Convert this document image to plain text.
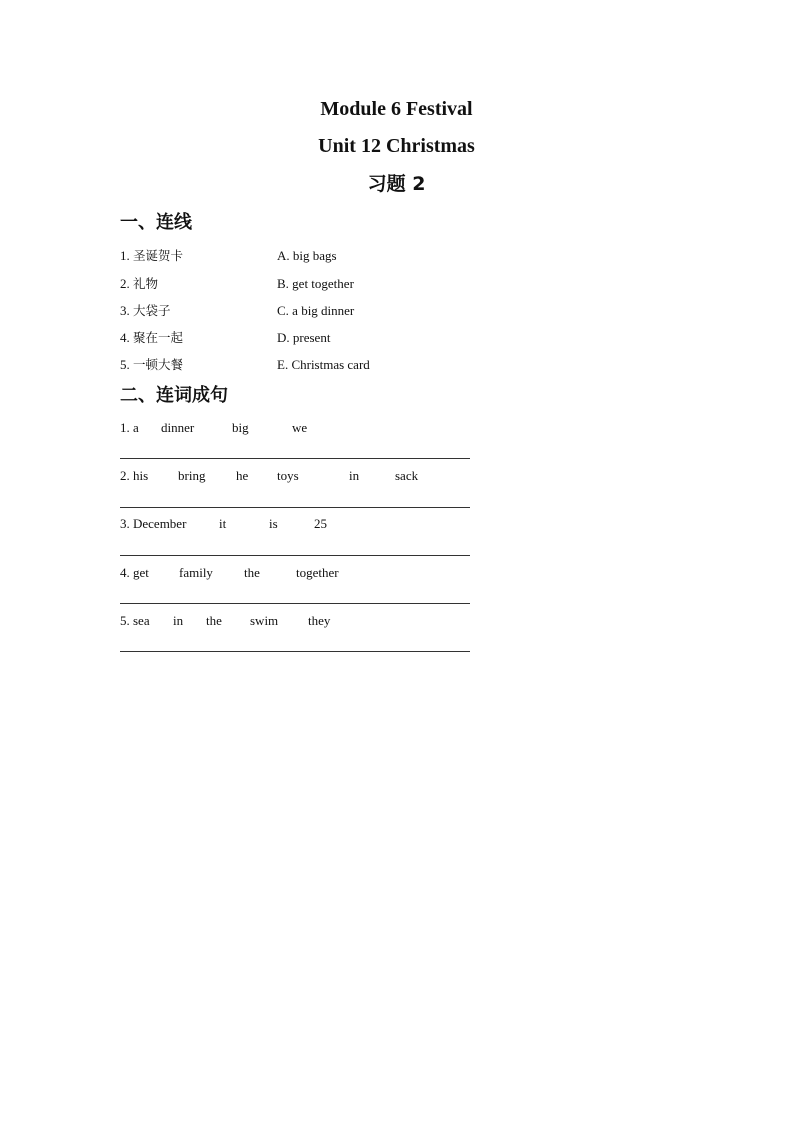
Module 6 Festival
Unit 12 Christmas
习题 2
一、连线
1. 圣诞贺卡	A. big bags
2. 礼物	B. get together
3. 大袋子	C. a big dinner
4. 聚在一起	D. present
5. 一顿大餐	E. Christmas card
二、连词成句
1. a dinner	big	we
2. his bring he toys	in	sack
3. December	it	is	25
4. get family the	together
5. sea in the swim they
